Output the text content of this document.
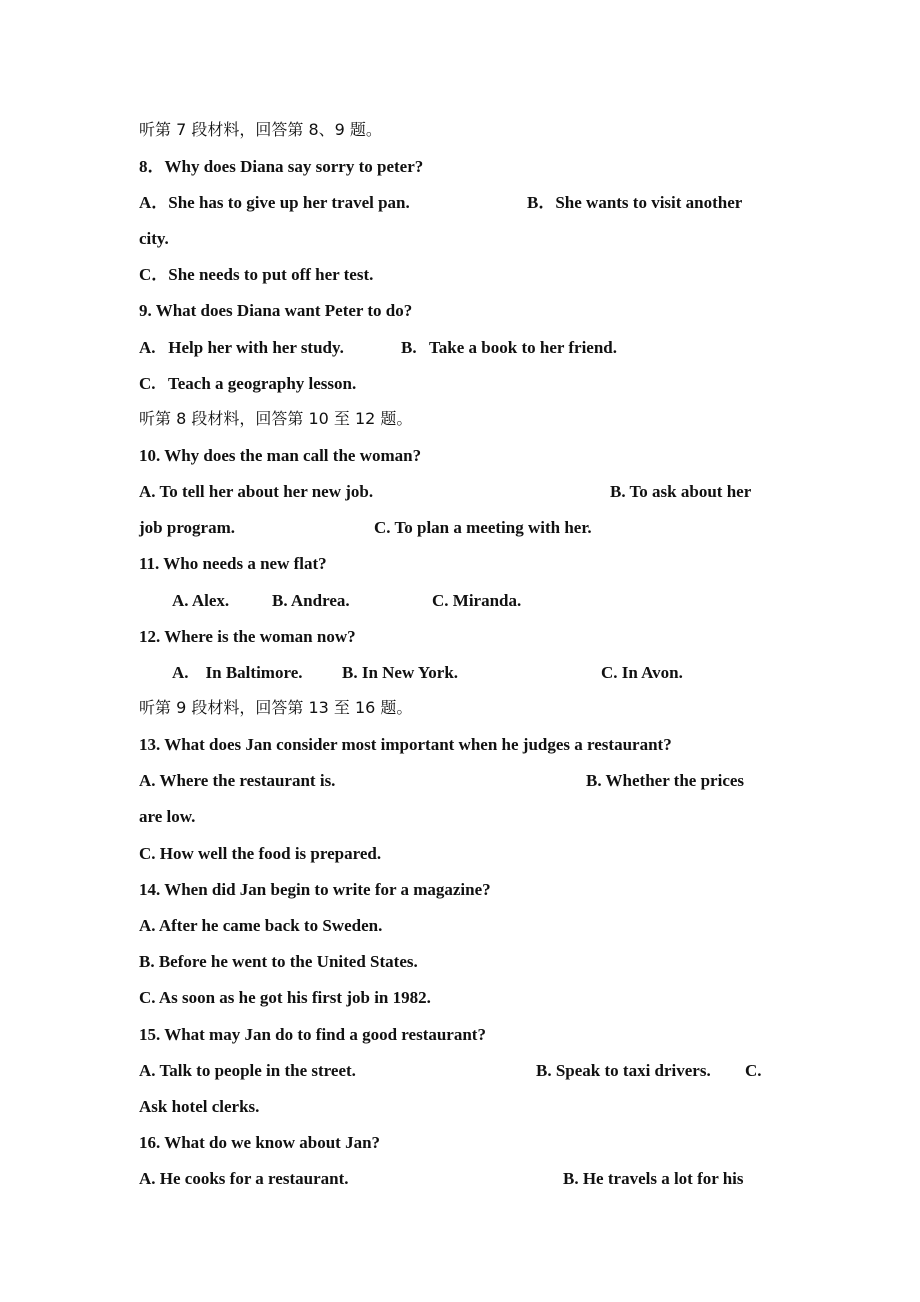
听第 7 段材料，回答第 8、9 题。
8．Why does Diana say sorry to peter?
A．She has to give up her travel pan.	B．She wants to visit another
city.
C．She needs to put off her test.
9. What does Diana want Peter to do?
A.   Help her with her study.	B.   Take a book to her friend.
C.   Teach a geography lesson.
听第 8 段材料，回答第 10 至 12 题。
10. Why does the man call the woman?
A. To tell her about her new job.	B. To ask about her
job program.	C. To plan a meeting with her.
11. Who needs a new flat?
A. Alex.	B. Andrea.	C. Miranda.
12. Where is the woman now?
A.    In Baltimore. B. In New York.	C. In Avon.
听第 9 段材料，回答第 13 至 16 题。
13. What does Jan consider most important when he judges a restaurant?
A. Where the restaurant is.	B. Whether the prices
are low.
C. How well the food is prepared.
14. When did Jan begin to write for a magazine?
A. After he came back to Sweden.
B. Before he went to the United States.
C. As soon as he got his first job in 1982.
15. What may Jan do to find a good restaurant?
A. Talk to people in the street.	B. Speak to taxi drivers. C.
Ask hotel clerks.
16. What do we know about Jan?
A. He cooks for a restaurant.	B. He travels a lot for his
